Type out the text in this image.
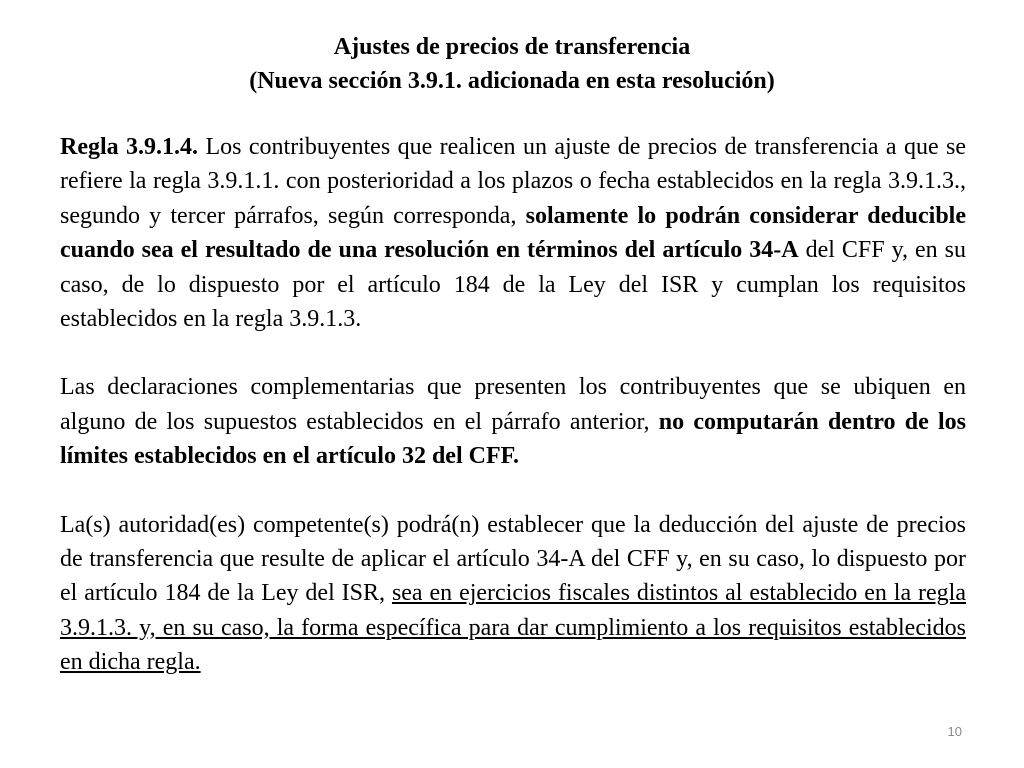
Ajustes de precios de transferencia
(Nueva sección 3.9.1. adicionada en esta resolución)

Regla 3.9.1.4. Los contribuyentes que realicen un ajuste de precios de transferencia a que se refiere la regla 3.9.1.1. con posterioridad a los plazos o fecha establecidos en la regla 3.9.1.3., segundo y tercer párrafos, según corresponda, solamente lo podrán considerar deducible cuando sea el resultado de una resolución en términos del artículo 34-A del CFF y, en su caso, de lo dispuesto por el artículo 184 de la Ley del ISR y cumplan los requisitos establecidos en la regla 3.9.1.3.

Las declaraciones complementarias que presenten los contribuyentes que se ubiquen en alguno de los supuestos establecidos en el párrafo anterior, no computarán dentro de los límites establecidos en el artículo 32 del CFF.

La(s) autoridad(es) competente(s) podrá(n) establecer que la deducción del ajuste de precios de transferencia que resulte de aplicar el artículo 34-A del CFF y, en su caso, lo dispuesto por el artículo 184 de la Ley del ISR, sea en ejercicios fiscales distintos al establecido en la regla 3.9.1.3. y, en su caso, la forma específica para dar cumplimiento a los requisitos establecidos en dicha regla.

10
